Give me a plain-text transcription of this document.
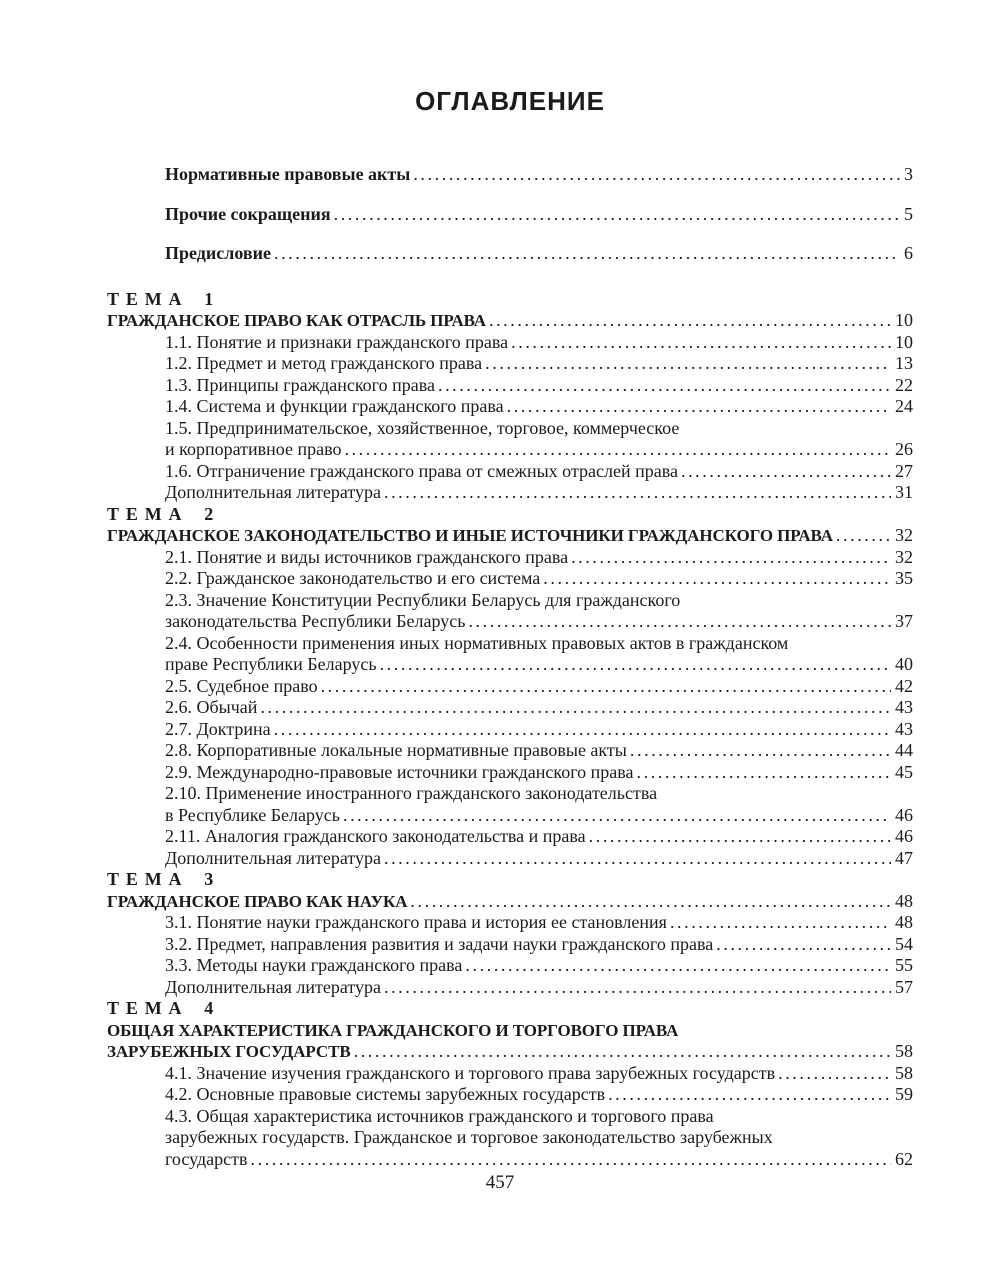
ОГЛАВЛЕНИЕ
Нормативные правовые акты .....	3
Прочие сокращения .....	5
Предисловие .....	6
ТЕМА 1
ГРАЖДАНСКОЕ ПРАВО КАК ОТРАСЛЬ ПРАВА .....	10
1.1. Понятие и признаки гражданского права .....	10
1.2. Предмет и метод гражданского права .....	13
1.3. Принципы гражданского права .....	22
1.4. Система и функции гражданского права .....	24
1.5. Предпринимательское, хозяйственное, торговое, коммерческое
и корпоративное право .....	26
1.6. Отграничение гражданского права от смежных отраслей права .....	27
Дополнительная литература .....	31
ТЕМА 2
ГРАЖДАНСКОЕ ЗАКОНОДАТЕЛЬСТВО И ИНЫЕ ИСТОЧНИКИ ГРАЖДАНСКОГО ПРАВА .....	32
2.1. Понятие и виды источников гражданского права .....	32
2.2. Гражданское законодательство и его система .....	35
2.3. Значение Конституции Республики Беларусь для гражданского
законодательства Республики Беларусь .....	37
2.4. Особенности применения иных нормативных правовых актов в гражданском
праве Республики Беларусь .....	40
2.5. Судебное право .....	42
2.6. Обычай .....	43
2.7. Доктрина .....	43
2.8. Корпоративные локальные нормативные правовые акты .....	44
2.9. Международно-правовые источники гражданского права .....	45
2.10. Применение иностранного гражданского законодательства
в Республике Беларусь .....	46
2.11. Аналогия гражданского законодательства и права .....	46
Дополнительная литература .....	47
ТЕМА 3
ГРАЖДАНСКОЕ ПРАВО КАК НАУКА .....	48
3.1. Понятие науки гражданского права и история ее становления .....	48
3.2. Предмет, направления развития и задачи науки гражданского права .....	54
3.3. Методы науки гражданского права .....	55
Дополнительная литература .....	57
ТЕМА 4
ОБЩАЯ ХАРАКТЕРИСТИКА ГРАЖДАНСКОГО И ТОРГОВОГО ПРАВА
ЗАРУБЕЖНЫХ ГОСУДАРСТВ .....	58
4.1. Значение изучения гражданского и торгового права зарубежных государств .....	58
4.2. Основные правовые системы зарубежных государств .....	59
4.3. Общая характеристика источников гражданского и торгового права
зарубежных государств. Гражданское и торговое законодательство зарубежных
государств .....	62
457
